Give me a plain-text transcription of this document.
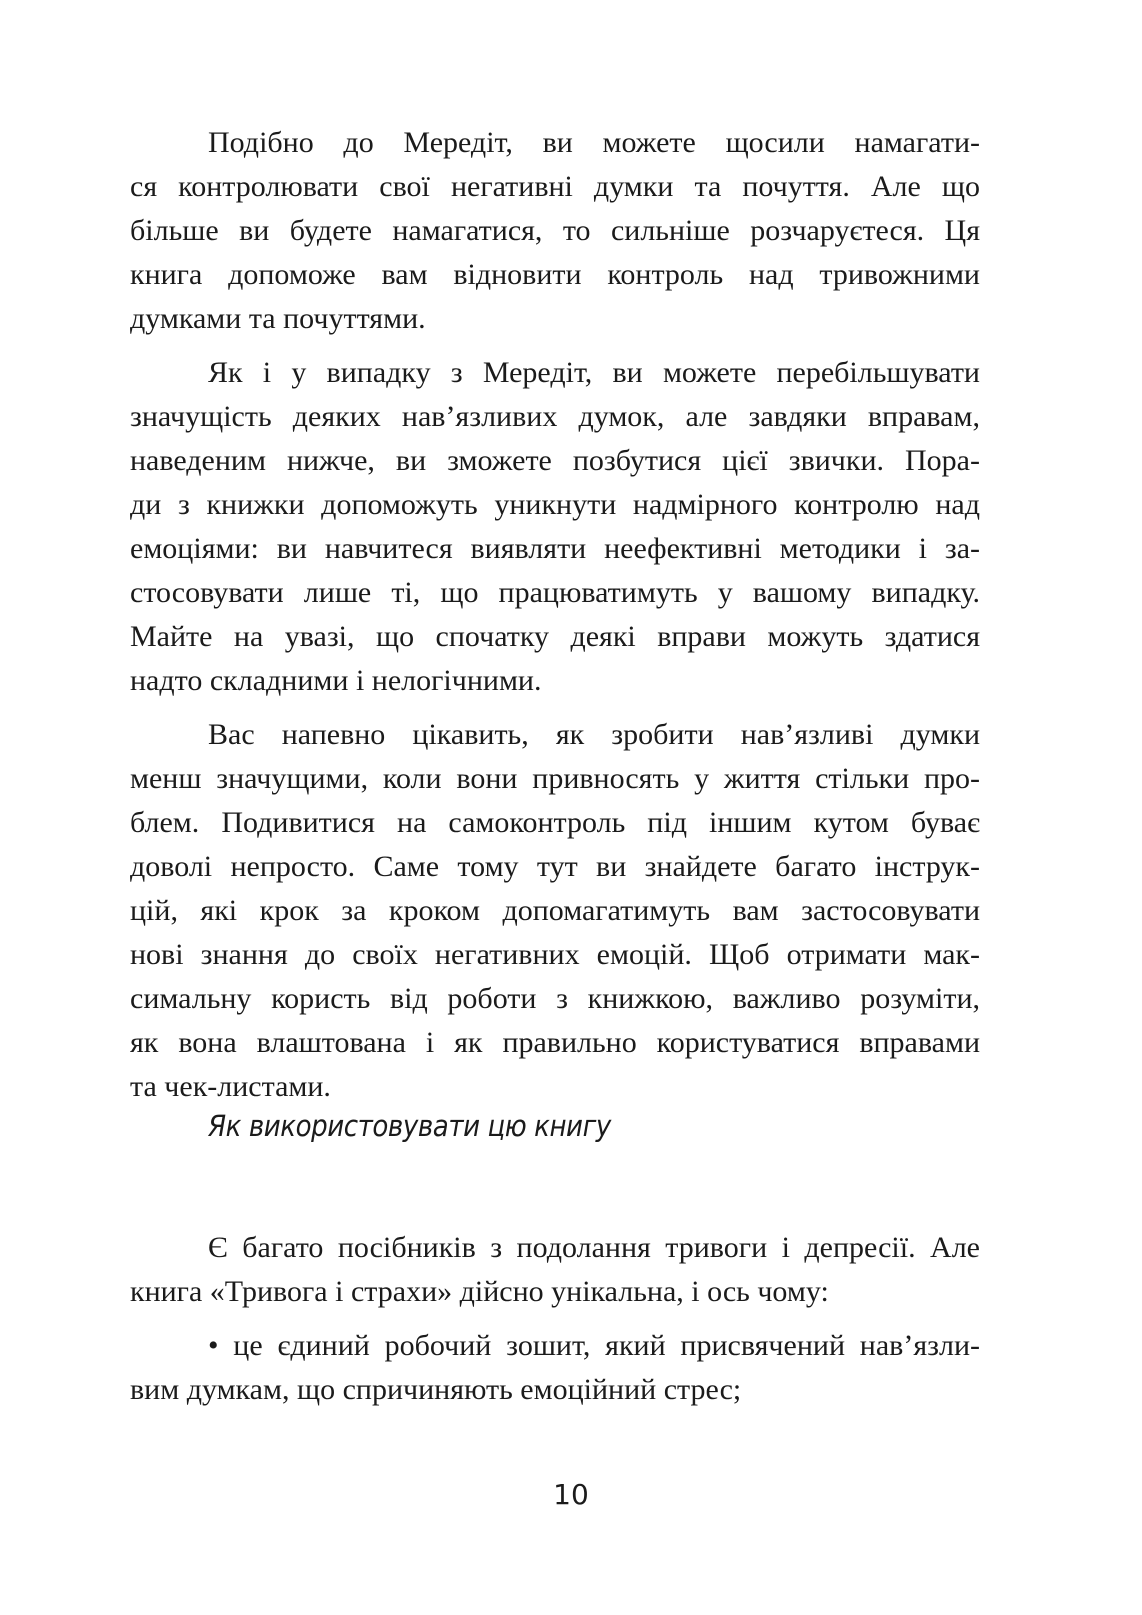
Подібно до Мередіт, ви можете щосили намагати-
ся контролювати свої негативні думки та почуття. Але що
більше ви будете намагатися, то сильніше розчаруєтеся. Ця
книга допоможе вам відновити контроль над тривожними
думками та почуттями.
Як і у випадку з Мередіт, ви можете перебільшувати
значущість деяких нав’язливих думок, але завдяки вправам,
наведеним нижче, ви зможете позбутися цієї звички. Пора-
ди з книжки допоможуть уникнути надмірного контролю над
емоціями: ви навчитеся виявляти неефективні методики і за-
стосовувати лише ті, що працюватимуть у вашому випадку.
Майте на увазі, що спочатку деякі вправи можуть здатися
надто складними і нелогічними.
Вас напевно цікавить, як зробити нав’язливі думки
менш значущими, коли вони привносять у життя стільки про-
блем. Подивитися на самоконтроль під іншим кутом буває
доволі непросто. Саме тому тут ви знайдете багато інструк-
цій, які крок за кроком допомагатимуть вам застосовувати
нові знання до своїх негативних емоцій. Щоб отримати мак-
симальну користь від роботи з книжкою, важливо розуміти,
як вона влаштована і як правильно користуватися вправами
та чек-листами.
Як використовувати цю книгу
Є багато посібників з подолання тривоги і депресії. Але
книга «Тривога і страхи» дійсно унікальна, і ось чому:
• це єдиний робочий зошит, який присвячений нав’язли-
вим думкам, що спричиняють емоційний стрес;
10
